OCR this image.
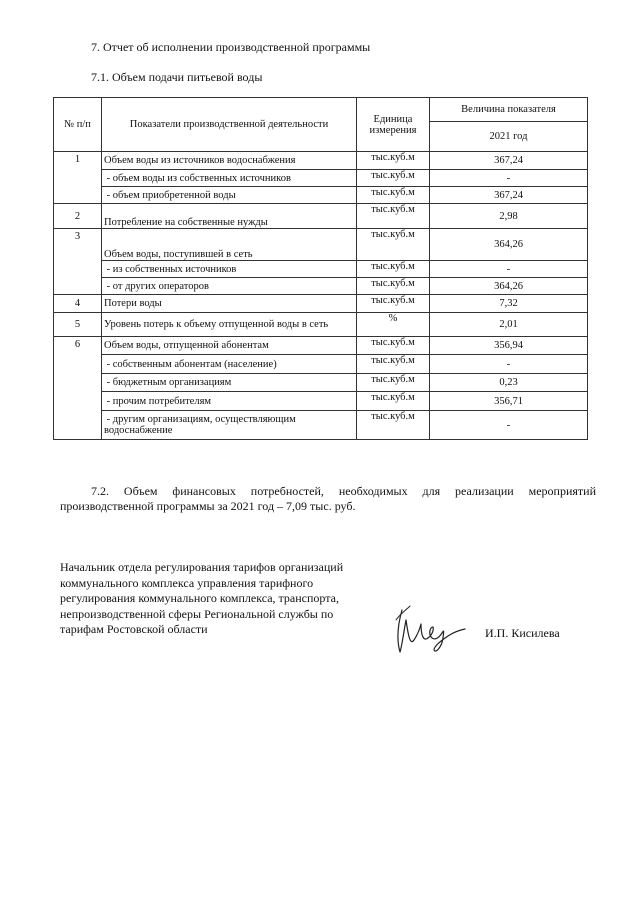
7. Отчет об исполнении производственной программы
7.1. Объем подачи питьевой воды
№ п/п	Показатели производственной деятельности	Единица измерения	Величина показателя
			2021 год
1	Объем воды из источников водоснабжения	тыс.куб.м	367,24
	- объем воды из собственных источников	тыс.куб.м	-
	- объем приобретенной воды	тыс.куб.м	367,24
2	Потребление на собственные нужды	тыс.куб.м	2,98
3	Объем воды, поступившей в сеть	тыс.куб.м	364,26
	- из собственных источников	тыс.куб.м	-
	- от других операторов	тыс.куб.м	364,26
4	Потери воды	тыс.куб.м	7,32
5	Уровень потерь к объему отпущенной воды в сеть	%	2,01
6	Объем воды, отпущенной абонентам	тыс.куб.м	356,94
	- собственным абонентам (население)	тыс.куб.м	-
	- бюджетным организациям	тыс.куб.м	0,23
	- прочим потребителям	тыс.куб.м	356,71
	- другим организациям, осуществляющим водоснабжение	тыс.куб.м	-
7.2. Объем финансовых потребностей, необходимых для реализации мероприятий производственной программы за 2021 год – 7,09 тыс. руб.
Начальник отдела регулирования тарифов организаций
коммунального комплекса управления тарифного
регулирования коммунального комплекса, транспорта,
непроизводственной сферы Региональной службы по
тарифам Ростовской области	И.П. Кисилева
